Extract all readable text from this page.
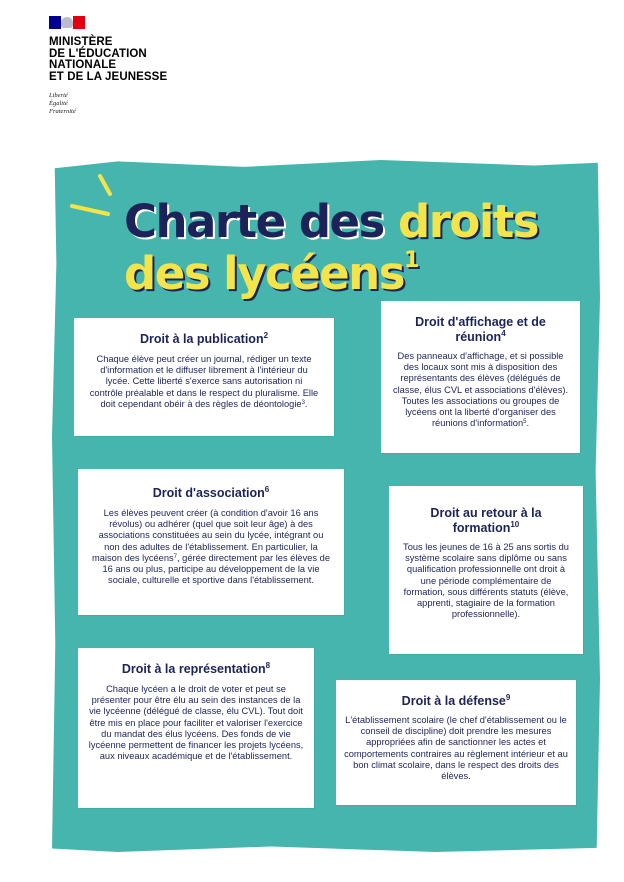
MINISTÈRE
DE L'ÉDUCATION
NATIONALE
ET DE LA JEUNESSE
Liberté
Égalité
Fraternité
Charte des droits
des lycéens$^1$
Droit à la publication$^2$

Chaque élève peut créer un journal, rédiger un texte d'information et le diffuser librement à l'intérieur du lycée. Cette liberté s'exerce sans autorisation ni contrôle préalable et dans le respect du pluralisme. Elle doit cependant obéir à des règles de déontologie$^3$.

Droit d'affichage et de réunion$^4$

Des panneaux d'affichage, et si possible des locaux sont mis à disposition des représentants des élèves (délégués de classe, élus CVL et associations d'élèves). Toutes les associations ou groupes de lycéens ont la liberté d'organiser des réunions d'information$^5$.

Droit d'association$^6$

Les élèves peuvent créer (à condition d'avoir 16 ans révolus) ou adhérer (quel que soit leur âge) à des associations constituées au sein du lycée, intégrant ou non des adultes de l'établissement. En particulier, la maison des lycéens$^7$, gérée directement par les élèves de 16 ans ou plus, participe au développement de la vie sociale, culturelle et sportive dans l'établissement.

Droit au retour à la formation$^{10}$

Tous les jeunes de 16 à 25 ans sortis du système scolaire sans diplôme ou sans qualification professionnelle ont droit à une période complémentaire de formation, sous différents statuts (élève, apprenti, stagiaire de la formation professionnelle).

Droit à la représentation$^8$

Chaque lycéen a le droit de voter et peut se présenter pour être élu au sein des instances de la vie lycéenne (délégué de classe, élu CVL). Tout doit être mis en place pour faciliter et valoriser l'exercice du mandat des élus lycéens. Des fonds de vie lycéenne permettent de financer les projets lycéens, aux niveaux académique et de l'établissement.

Droit à la défense$^9$

L'établissement scolaire (le chef d'établissement ou le conseil de discipline) doit prendre les mesures appropriées afin de sanctionner les actes et comportements contraires au règlement intérieur et au bon climat scolaire, dans le respect des droits des élèves.
